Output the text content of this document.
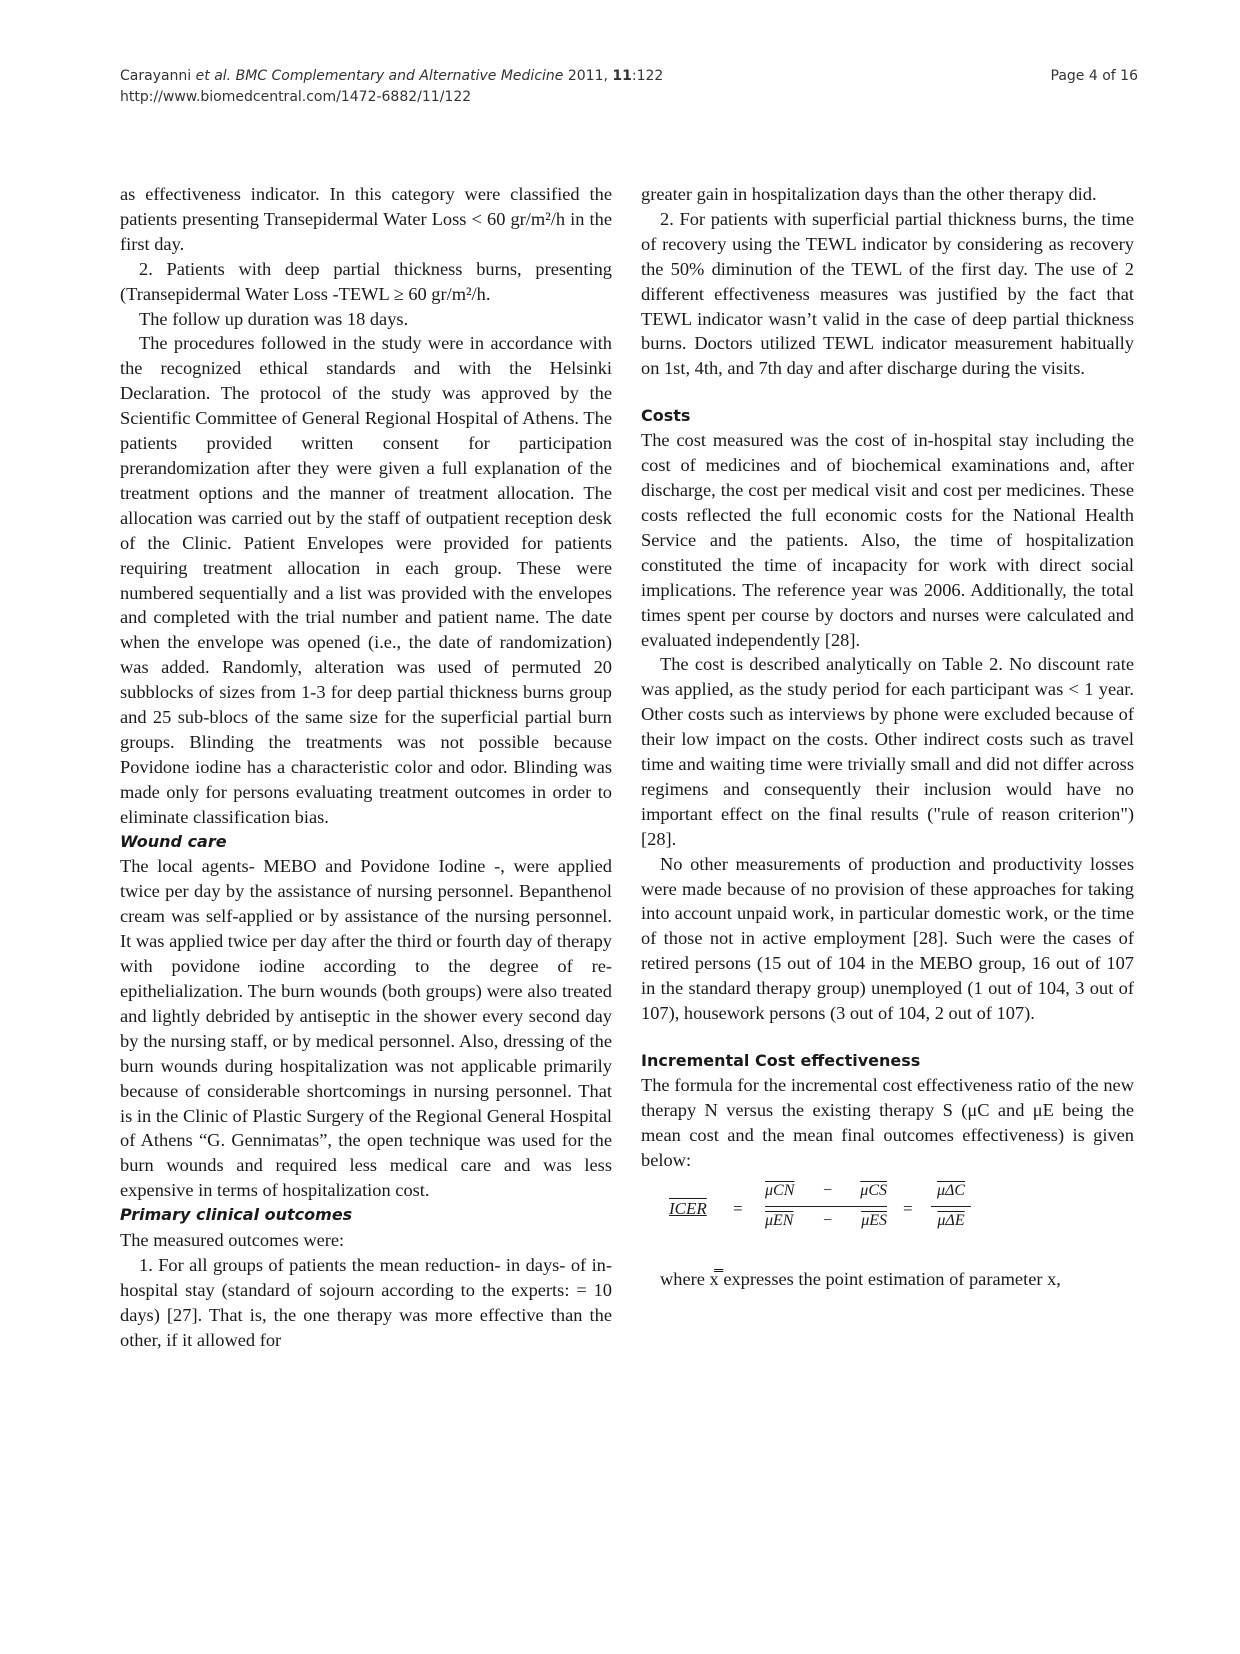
Carayanni et al. BMC Complementary and Alternative Medicine 2011, 11:122
http://www.biomedcentral.com/1472-6882/11/122
Page 4 of 16

as effectiveness indicator. In this category were classified the patients presenting Transepidermal Water Loss < 60 gr/m²/h in the first day.

2. Patients with deep partial thickness burns, presenting (Transepidermal Water Loss -TEWL ≥ 60 gr/m²/h.

The follow up duration was 18 days.

The procedures followed in the study were in accordance with the recognized ethical standards and with the Helsinki Declaration. The protocol of the study was approved by the Scientific Committee of General Regional Hospital of Athens. The patients provided written consent for participation prerandomization after they were given a full explanation of the treatment options and the manner of treatment allocation. The allocation was carried out by the staff of outpatient reception desk of the Clinic. Patient Envelopes were provided for patients requiring treatment allocation in each group. These were numbered sequentially and a list was provided with the envelopes and completed with the trial number and patient name. The date when the envelope was opened (i.e., the date of randomization) was added. Randomly, alteration was used of permuted 20 subblocks of sizes from 1-3 for deep partial thickness burns group and 25 sub-blocs of the same size for the superficial partial burn groups. Blinding the treatments was not possible because Povidone iodine has a characteristic color and odor. Blinding was made only for persons evaluating treatment outcomes in order to eliminate classification bias.

Wound care

The local agents- MEBO and Povidone Iodine -, were applied twice per day by the assistance of nursing personnel. Bepanthenol cream was self-applied or by assistance of the nursing personnel. It was applied twice per day after the third or fourth day of therapy with povidone iodine according to the degree of re-epithelialization. The burn wounds (both groups) were also treated and lightly debrided by antiseptic in the shower every second day by the nursing staff, or by medical personnel. Also, dressing of the burn wounds during hospitalization was not applicable primarily because of considerable shortcomings in nursing personnel. That is in the Clinic of Plastic Surgery of the Regional General Hospital of Athens “G. Gennimatas”, the open technique was used for the burn wounds and required less medical care and was less expensive in terms of hospitalization cost.

Primary clinical outcomes

The measured outcomes were:

1. For all groups of patients the mean reduction- in days- of in-hospital stay (standard of sojourn according to the experts: = 10 days) [27]. That is, the one therapy was more effective than the other, if it allowed for

greater gain in hospitalization days than the other therapy did.

2. For patients with superficial partial thickness burns, the time of recovery using the TEWL indicator by considering as recovery the 50% diminution of the TEWL of the first day. The use of 2 different effectiveness measures was justified by the fact that TEWL indicator wasn’t valid in the case of deep partial thickness burns. Doctors utilized TEWL indicator measurement habitually on 1st, 4th, and 7th day and after discharge during the visits.

Costs

The cost measured was the cost of in-hospital stay including the cost of medicines and of biochemical examinations and, after discharge, the cost per medical visit and cost per medicines. These costs reflected the full economic costs for the National Health Service and the patients. Also, the time of hospitalization constituted the time of incapacity for work with direct social implications. The reference year was 2006. Additionally, the total times spent per course by doctors and nurses were calculated and evaluated independently [28].

The cost is described analytically on Table 2. No discount rate was applied, as the study period for each participant was < 1 year. Other costs such as interviews by phone were excluded because of their low impact on the costs. Other indirect costs such as travel time and waiting time were trivially small and did not differ across regimens and consequently their inclusion would have no important effect on the final results ("rule of reason criterion") [28].

No other measurements of production and productivity losses were made because of no provision of these approaches for taking into account unpaid work, in particular domestic work, or the time of those not in active employment [28]. Such were the cases of retired persons (15 out of 104 in the MEBO group, 16 out of 107 in the standard therapy group) unemployed (1 out of 104, 3 out of 107), housework persons (3 out of 104, 2 out of 107).

Incremental Cost effectiveness

The formula for the incremental cost effectiveness ratio of the new therapy N versus the existing therapy S (μC and μE being the mean cost and the mean final outcomes effectiveness) is given below:

ICER =
$\overline{\mu CN} - \overline{\mu CS}$
$\overline{\mu EN} - \overline{\mu ES}$
=
$\overline{\mu\Delta C}$
$\overline{\mu\Delta E}$

where x̿ expresses the point estimation of parameter x,
